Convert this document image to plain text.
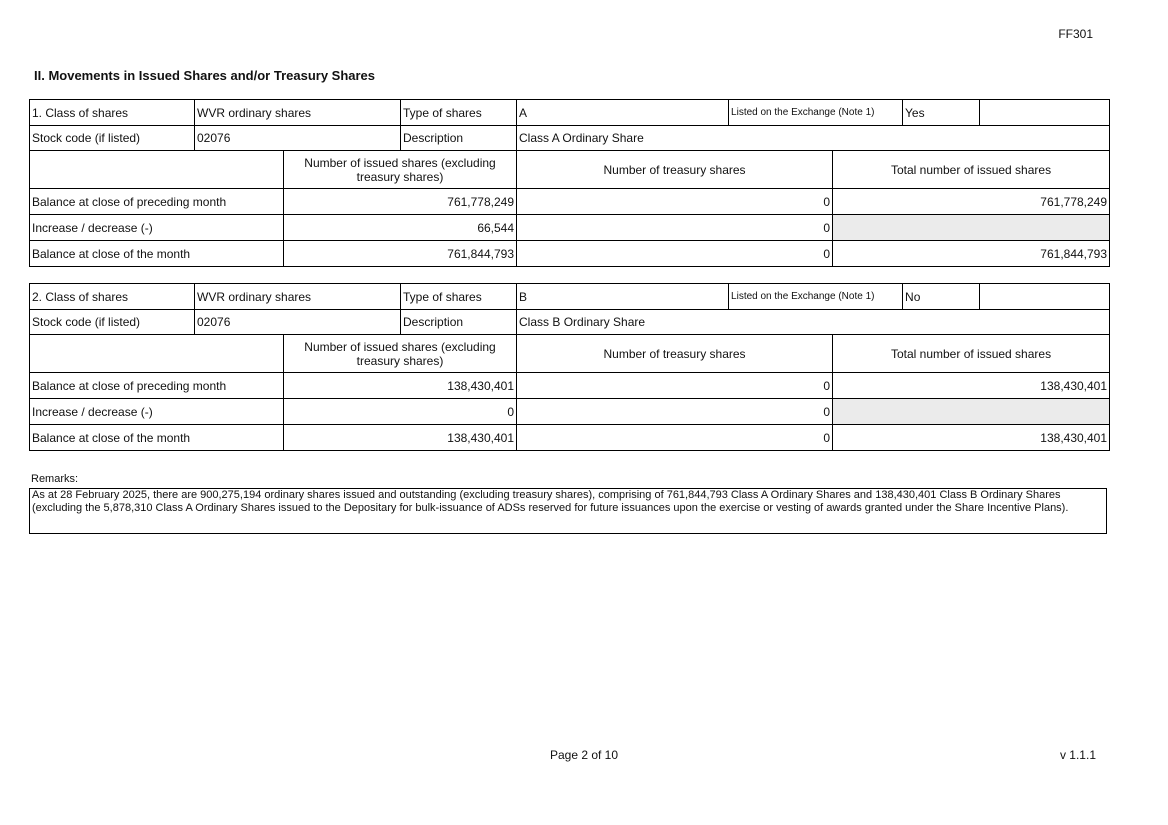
FF301
II. Movements in Issued Shares and/or Treasury Shares
1. Class of shares	WVR ordinary shares		Type of shares	A	Listed on the Exchange (Note 1)		Yes	
Stock code (if listed)	02076		Description	Class A Ordinary Share				
		Number of issued shares (excluding treasury shares)		Number of treasury shares		Total number of issued shares		
Balance at close of preceding month		761,778,249		0		761,778,249		
Increase / decrease (-)		66,544		0				
Balance at close of the month		761,844,793		0		761,844,793		
2. Class of shares	WVR ordinary shares		Type of shares	B	Listed on the Exchange (Note 1)		No	
Stock code (if listed)	02076		Description	Class B Ordinary Share				
		Number of issued shares (excluding treasury shares)		Number of treasury shares		Total number of issued shares		
Balance at close of preceding month		138,430,401		0		138,430,401		
Increase / decrease (-)		0		0				
Balance at close of the month		138,430,401		0		138,430,401		
Remarks:
As at 28 February 2025, there are 900,275,194 ordinary shares issued and outstanding (excluding treasury shares), comprising of 761,844,793 Class A Ordinary Shares and 138,430,401 Class B Ordinary Shares (excluding the 5,878,310 Class A Ordinary Shares issued to the Depositary for bulk-issuance of ADSs reserved for future issuances upon the exercise or vesting of awards granted under the Share Incentive Plans).
Page 2 of 10	v 1.1.1
